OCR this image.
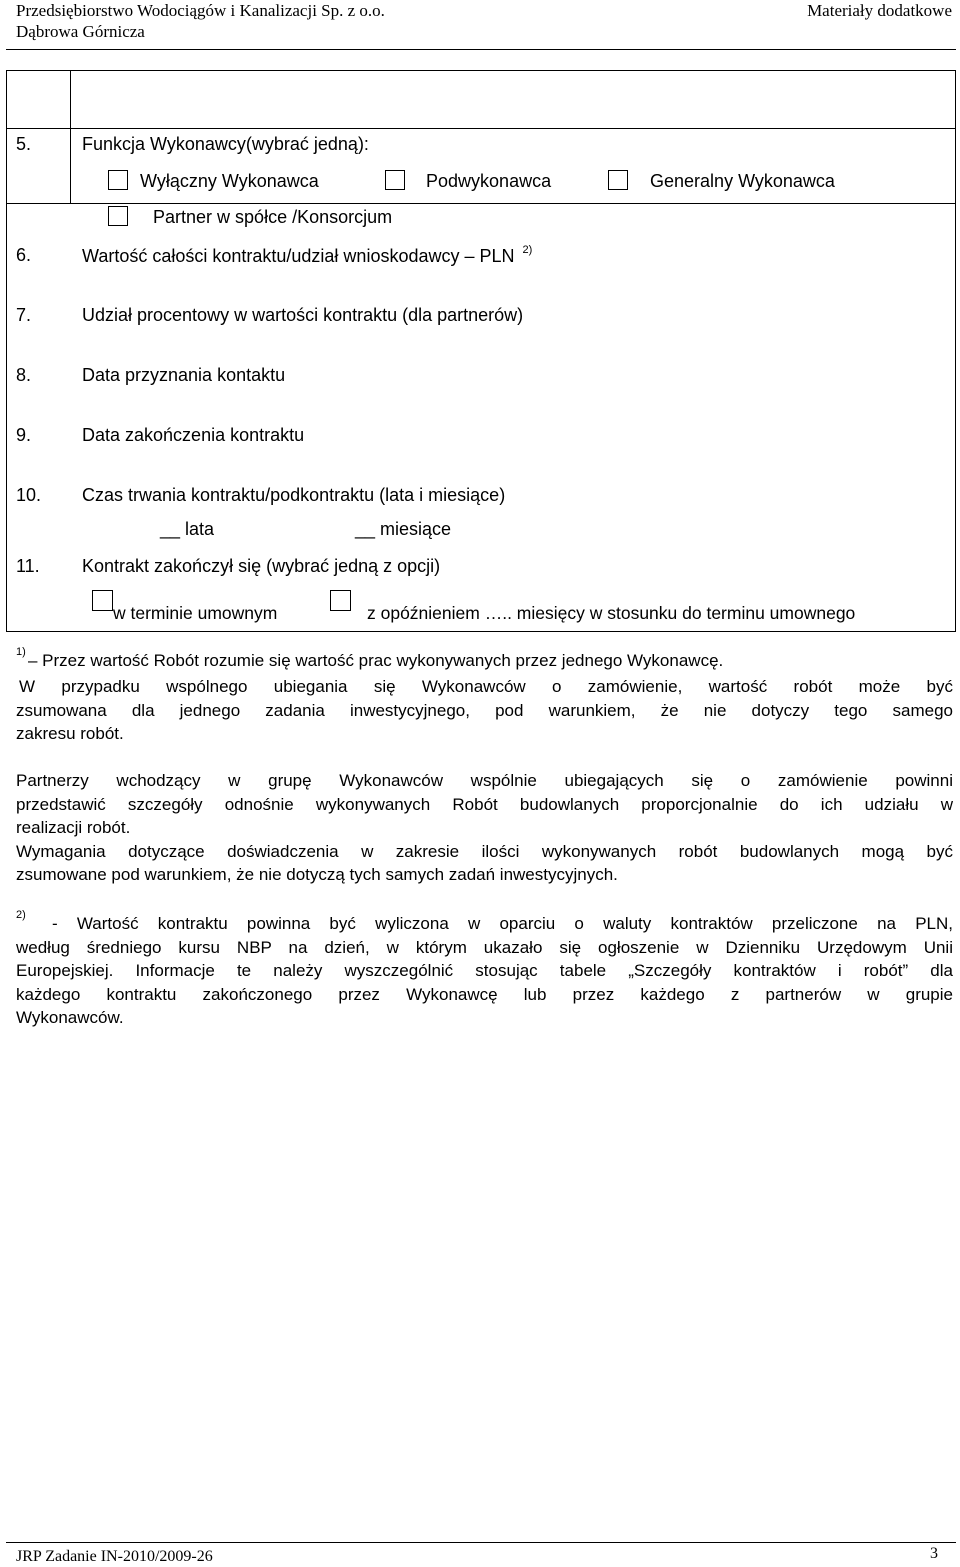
Przedsiębiorstwo Wodociągów i Kanalizacji Sp. z o.o.
Dąbrowa Górnicza
Materiały dodatkowe
5.	Funkcja Wykonawcy(wybrać jedną):
Wyłączny Wykonawca	Podwykonawca	Generalny Wykonawca
Partner w spółce /Konsorcjum
6.	Wartość całości kontraktu/udział wnioskodawcy – PLN $^{2)}$
7.	Udział procentowy w wartości kontraktu (dla partnerów)
8.	Data przyznania kontaktu
9.	Data zakończenia kontraktu
10. Czas trwania kontraktu/podkontraktu (lata i miesiące)
__ lata	__ miesiące
11. Kontrakt zakończył się (wybrać jedną z opcji)
w terminie umownym	z opóźnieniem ….. miesięcy w stosunku do terminu umownego
1) – Przez wartość Robót rozumie się wartość prac wykonywanych przez jednego Wykonawcę.
W przypadku wspólnego ubiegania się Wykonawców o zamówienie, wartość robót może być
zsumowana dla jednego zadania inwestycyjnego, pod warunkiem, że nie dotyczy tego samego
zakresu robót.
Partnerzy wchodzący w grupę Wykonawców wspólnie ubiegających się o zamówienie powinni
przedstawić szczegóły odnośnie wykonywanych Robót budowlanych proporcjonalnie do ich udziału w
realizacji robót.
Wymagania dotyczące doświadczenia w zakresie ilości wykonywanych robót budowlanych mogą być
zsumowane pod warunkiem, że nie dotyczą tych samych zadań inwestycyjnych.
2)	- Wartość kontraktu powinna być wyliczona w oparciu o waluty kontraktów przeliczone na PLN,
według średniego kursu NBP na dzień, w którym ukazało się ogłoszenie w Dzienniku Urzędowym Unii
Europejskiej. Informacje te należy wyszczególnić stosując tabele „Szczegóły kontraktów i robót” dla
każdego kontraktu zakończonego przez Wykonawcę lub przez każdego z partnerów w grupie
Wykonawców.
JRP Zadanie IN-2010/2009-26	3
